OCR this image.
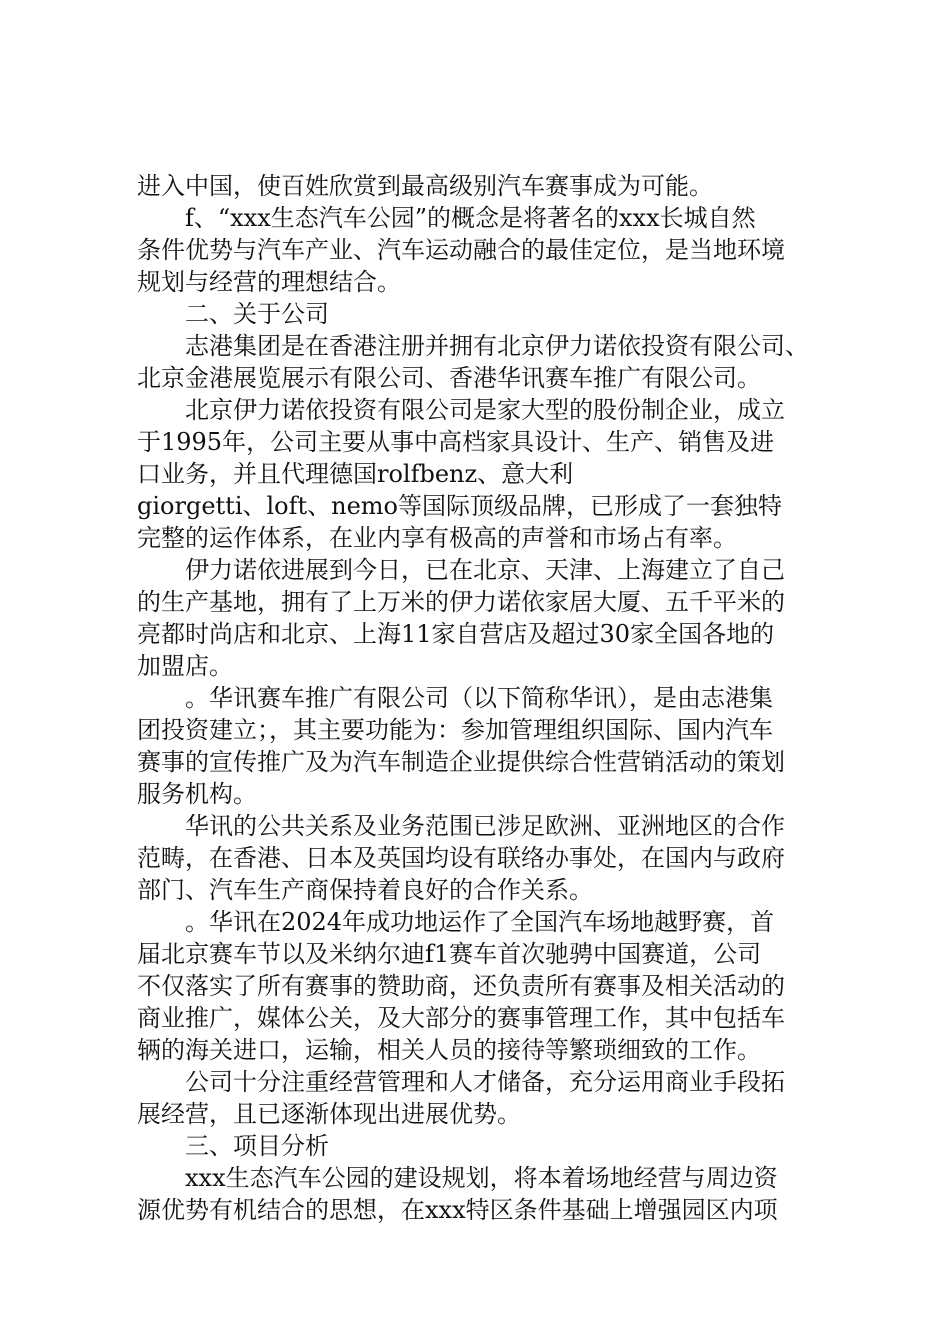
进入中国，使百姓欣赏到最高级别汽车赛事成为可能。
f、“xxx生态汽车公园”的概念是将著名的xxx长城自然
条件优势与汽车产业、汽车运动融合的最佳定位，是当地环境
规划与经营的理想结合。
二、关于公司
志港集团是在香港注册并拥有北京伊力诺依投资有限公司、
北京金港展览展示有限公司、香港华讯赛车推广有限公司。
北京伊力诺依投资有限公司是家大型的股份制企业，成立
于1995年，公司主要从事中高档家具设计、生产、销售及进
口业务，并且代理德国rolfbenz、意大利
giorgetti、loft、nemo等国际顶级品牌，已形成了一套独特
完整的运作体系，在业内享有极高的声誉和市场占有率。
伊力诺依进展到今日，已在北京、天津、上海建立了自己
的生产基地，拥有了上万米的伊力诺依家居大厦、五千平米的
亮都时尚店和北京、上海11家自营店及超过30家全国各地的
加盟店。
。华讯赛车推广有限公司（以下简称华讯），是由志港集
团投资建立；，其主要功能为：参加管理组织国际、国内汽车
赛事的宣传推广及为汽车制造企业提供综合性营销活动的策划
服务机构。
华讯的公共关系及业务范围已涉足欧洲、亚洲地区的合作
范畴，在香港、日本及英国均设有联络办事处，在国内与政府
部门、汽车生产商保持着良好的合作关系。
。华讯在2024年成功地运作了全国汽车场地越野赛，首
届北京赛车节以及米纳尔迪f1赛车首次驰骋中国赛道，公司
不仅落实了所有赛事的赞助商，还负责所有赛事及相关活动的
商业推广，媒体公关，及大部分的赛事管理工作，其中包括车
辆的海关进口，运输，相关人员的接待等繁琐细致的工作。
公司十分注重经营管理和人才储备，充分运用商业手段拓
展经营，且已逐渐体现出进展优势。
三、项目分析
xxx生态汽车公园的建设规划，将本着场地经营与周边资
源优势有机结合的思想，在xxx特区条件基础上增强园区内项
